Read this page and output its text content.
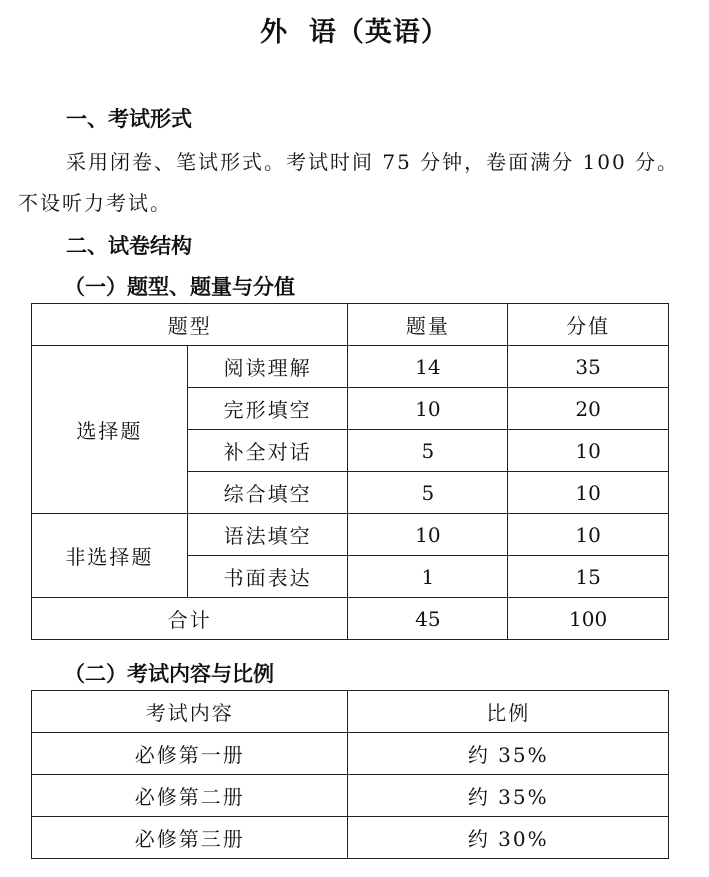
外  语（英语）
一、考试形式
采用闭卷、笔试形式。考试时间 75 分钟，卷面满分 100 分。
不设听力考试。
二、试卷结构
（一）题型、题量与分值
题型		题量	分值
选择题	阅读理解	14	35
	完形填空	10	20
	补全对话	5	10
	综合填空	5	10
非选择题	语法填空	10	10
	书面表达	1	15
合计		45	100
（二）考试内容与比例
考试内容	比例
必修第一册	约 35%
必修第二册	约 35%
必修第三册	约 30%
